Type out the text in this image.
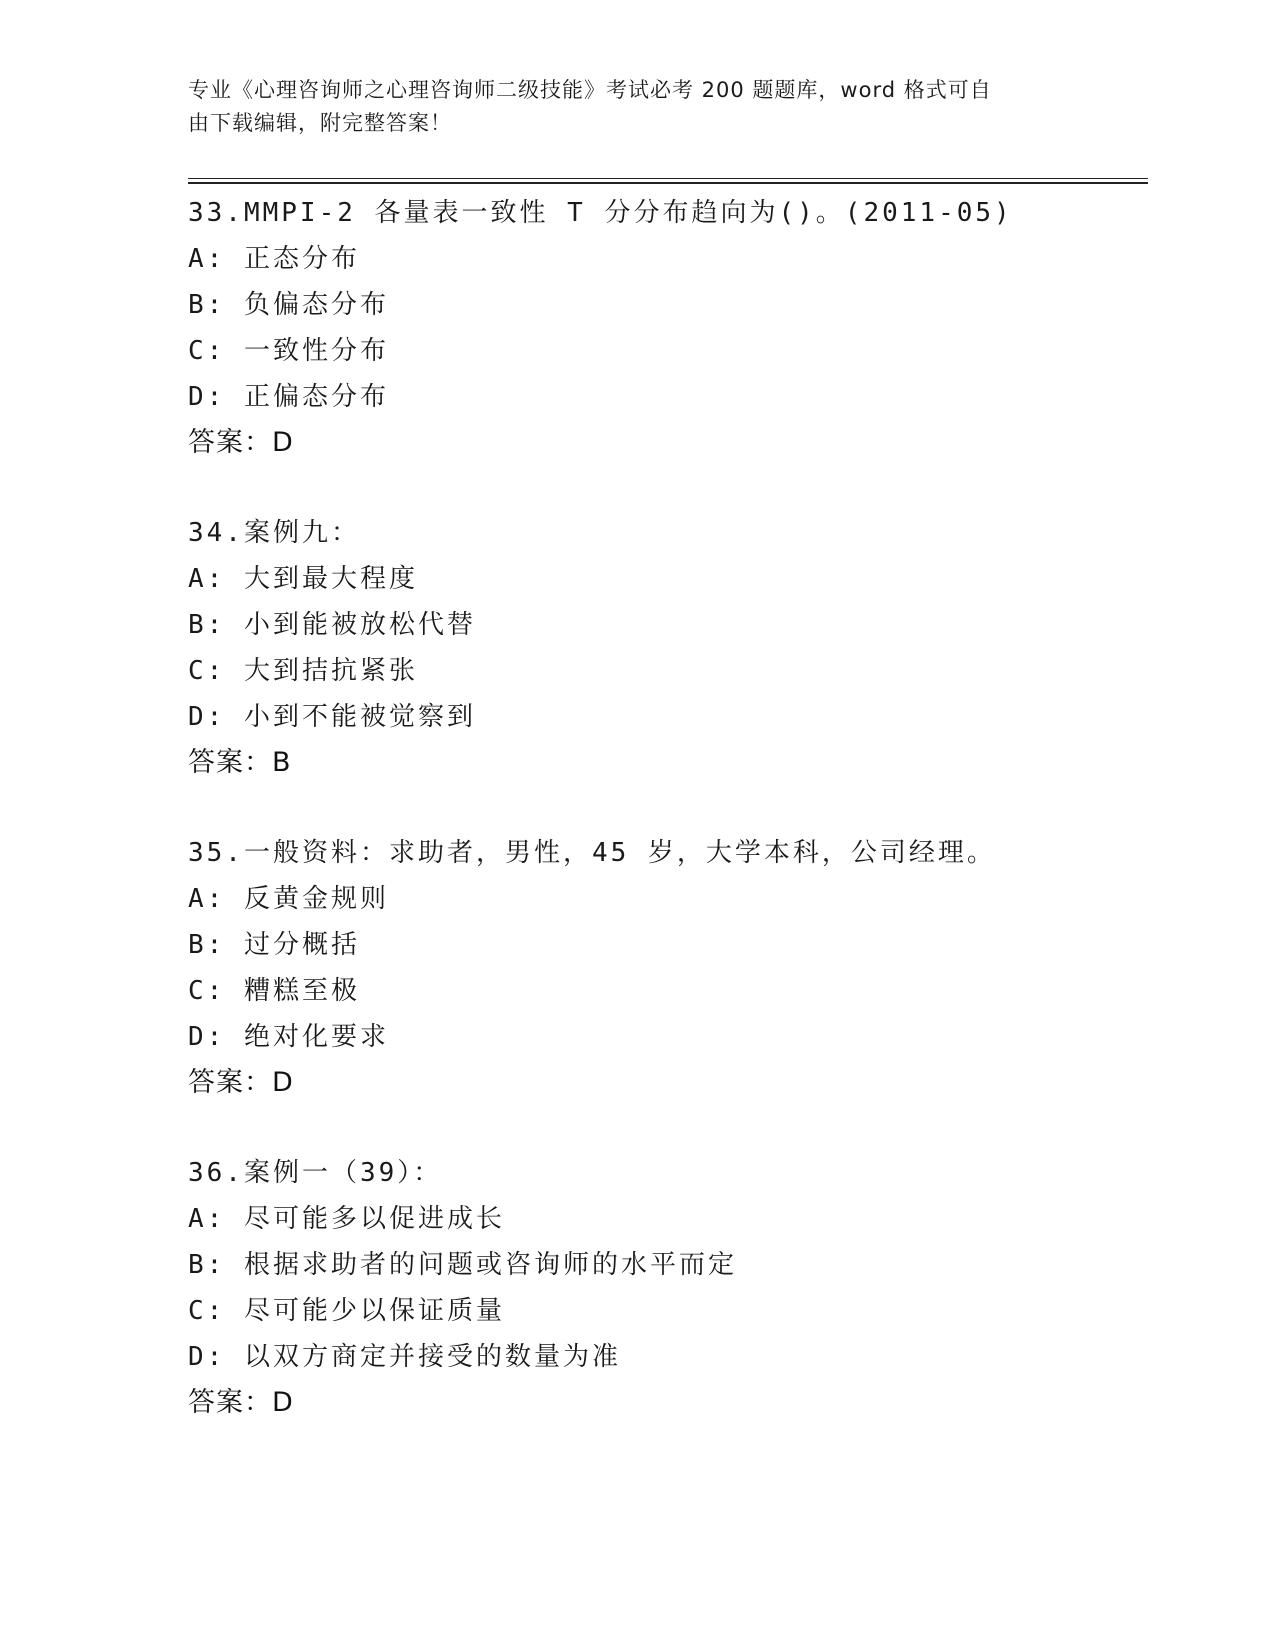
专业《心理咨询师之心理咨询师二级技能》考试必考 200 题题库，word 格式可自
由下载编辑，附完整答案！
33.MMPI-2 各量表一致性 T 分分布趋向为()。(2011-05)
A: 正态分布
B: 负偏态分布
C: 一致性分布
D: 正偏态分布
答案：D
34.案例九：
A: 大到最大程度
B: 小到能被放松代替
C: 大到拮抗紧张
D: 小到不能被觉察到
答案：B
35.一般资料：求助者，男性，45 岁，大学本科，公司经理。
A: 反黄金规则
B: 过分概括
C: 糟糕至极
D: 绝对化要求
答案：D
36.案例一（39）：
A: 尽可能多以促进成长
B: 根据求助者的问题或咨询师的水平而定
C: 尽可能少以保证质量
D: 以双方商定并接受的数量为准
答案：D
